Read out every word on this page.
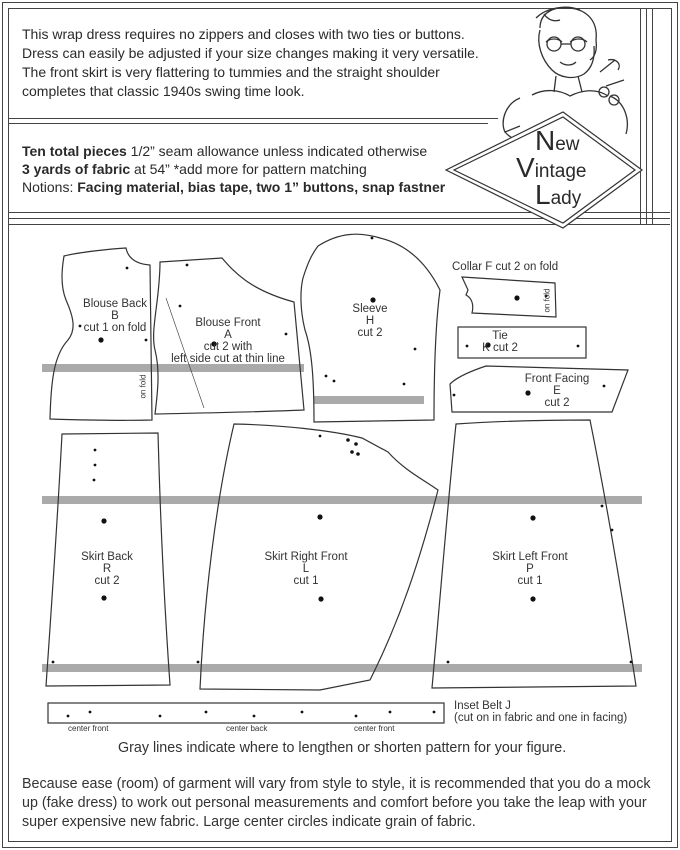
This wrap dress requires no zippers and closes with two ties or buttons.
Dress can easily be adjusted if your size changes making it very versatile.
The front skirt is very flattering to tummies and the straight shoulder
completes that classic 1940s swing time look.
Ten total pieces 1/2” seam allowance unless indicated otherwise
3 yards of fabric at 54” *add more for pattern matching
Notions: Facing material, bias tape, two 1” buttons, snap fastner
New
Vintage
Lady
Blouse Back
B
cut 1 on fold	Blouse Front
A
cut 2 with
left side cut at thin line
Sleeve
H
cut 2
Collar F cut 2 on fold
Tie
K cut 2
Front Facing
E
cut 2
Skirt Back
R
cut 2
Skirt Right Front
L
cut 1
Skirt Left Front
P
cut 1
Inset Belt J
(cut on in fabric and one in facing)
on fold
on fold
center front	center back	center front
Gray lines indicate where to lengthen or shorten pattern for your figure.
Because ease (room) of garment will vary from style to style, it is recommended that you do a mock
up (fake dress) to work out personal measurements and comfort before you take the leap with your
super expensive new fabric. Large center circles indicate grain of fabric.
